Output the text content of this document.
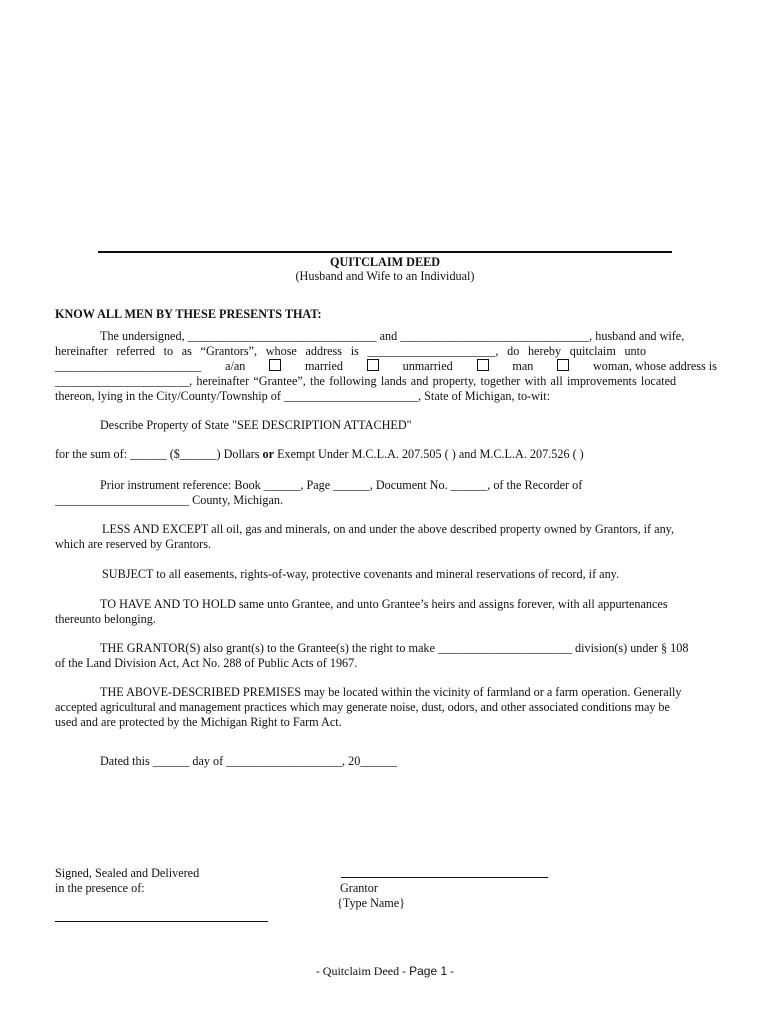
QUITCLAIM DEED
(Husband and Wife to an Individual)
KNOW ALL MEN BY THESE PRESENTS THAT:
The undersigned, _______________________________ and _______________________________, husband and wife,
hereinafter referred to as “Grantors”, whose address is _____________________, do hereby quitclaim unto
________________________ a/an	married	unmarried	man	woman, whose address is
______________________, hereinafter “Grantee”, the following lands and property, together with all improvements located
thereon, lying in the City/County/Township of ______________________, State of Michigan, to-wit:
Describe Property of State "SEE DESCRIPTION ATTACHED"
for the sum of: ______ ($______) Dollars or Exempt Under M.C.L.A. 207.505 ( ) and M.C.L.A. 207.526 ( )
Prior instrument reference: Book ______, Page ______, Document No. ______, of the Recorder of
______________________ County, Michigan.
LESS AND EXCEPT all oil, gas and minerals, on and under the above described property owned by Grantors, if any,
which are reserved by Grantors.
SUBJECT to all easements, rights-of-way, protective covenants and mineral reservations of record, if any.
TO HAVE AND TO HOLD same unto Grantee, and unto Grantee’s heirs and assigns forever, with all appurtenances
thereunto belonging.
THE GRANTOR(S) also grant(s) to the Grantee(s) the right to make ______________________ division(s) under § 108
of the Land Division Act, Act No. 288 of Public Acts of 1967.
THE ABOVE-DESCRIBED PREMISES may be located within the vicinity of farmland or a farm operation. Generally
accepted agricultural and management practices which may generate noise, dust, odors, and other associated conditions may be
used and are protected by the Michigan Right to Farm Act.
Dated this ______ day of ___________________, 20______
Signed, Sealed and Delivered
in the presence of:	Grantor
{Type Name}
- Quitclaim Deed - Page 1 -
